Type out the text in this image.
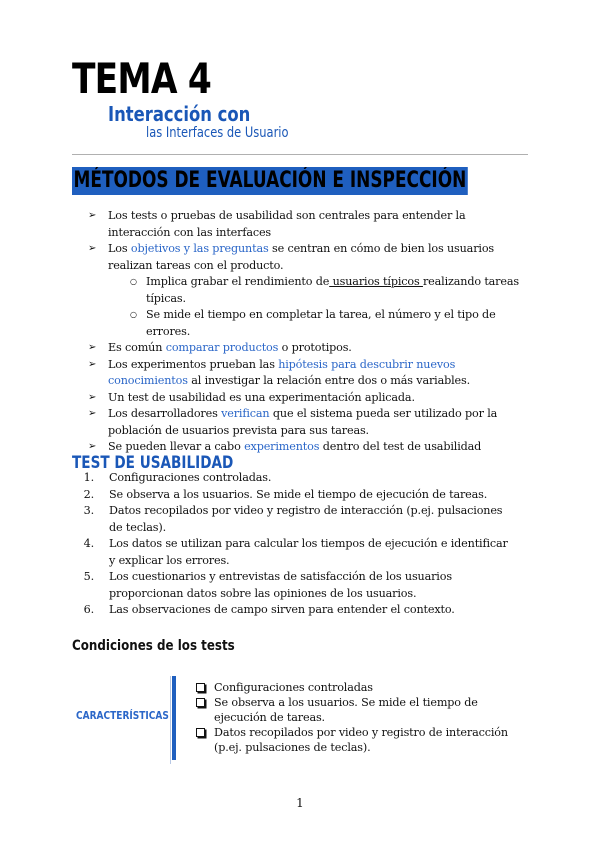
TEMA 4
Interacción con
las Interfaces de Usuario
MÉTODOS DE EVALUACIÓN E INSPECCIÓN
➢ Los tests o pruebas de usabilidad son centrales para entender la interacción con las interfaces
➢ Los objetivos y las preguntas se centran en cómo de bien los usuarios realizan tareas con el producto.
○ Implica grabar el rendimiento de usuarios típicos realizando tareas típicas.
○ Se mide el tiempo en completar la tarea, el número y el tipo de errores.
➢ Es común comparar productos o prototipos.
➢ Los experimentos prueban las hipótesis para descubrir nuevos conocimientos al investigar la relación entre dos o más variables.
➢ Un test de usabilidad es una experimentación aplicada.
➢ Los desarrolladores verifican que el sistema pueda ser utilizado por la población de usuarios prevista para sus tareas.
➢ Se pueden llevar a cabo experimentos dentro del test de usabilidad
TEST DE USABILIDAD
1. Configuraciones controladas.
2. Se observa a los usuarios. Se mide el tiempo de ejecución de tareas.
3. Datos recopilados por video y registro de interacción (p.ej. pulsaciones de teclas).
4. Los datos se utilizan para calcular los tiempos de ejecución e identificar y explicar los errores.
5. Los cuestionarios y entrevistas de satisfacción de los usuarios proporcionan datos sobre las opiniones de los usuarios.
6. Las observaciones de campo sirven para entender el contexto.
Condiciones de los tests
CARACTERÍSTICAS
Configuraciones controladas
Se observa a los usuarios. Se mide el tiempo de ejecución de tareas.
Datos recopilados por video y registro de interacción (p.ej. pulsaciones de teclas).
1
